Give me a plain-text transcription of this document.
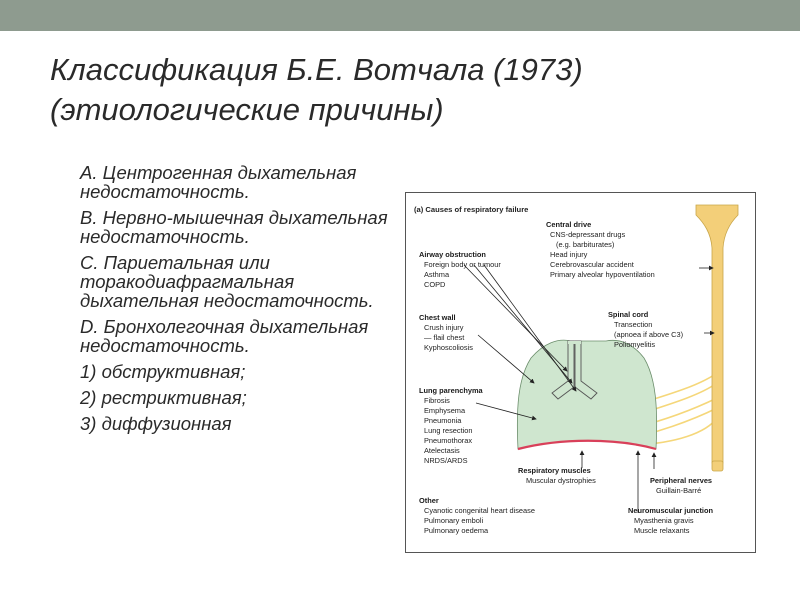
Классификация Б.Е. Вотчала (1973)
(этиологические причины)
A. Центрогенная дыхательная недостаточность.
B. Нервно-мышечная дыхательная недостаточность.
C. Париетальная или торакодиафрагмальная дыхательная недостаточность.
D. Бронхолегочная дыхательная недостаточность.
1) обструктивная;
2) рестриктивная;
3) диффузионная
(a) Causes of respiratory failure
Central drive
CNS-depressant drugs
(e.g. barbiturates)
Head injury
Cerebrovascular accident
Primary alveolar hypoventilation
Airway obstruction
Foreign body or tumour
Asthma
COPD
Chest wall
Crush injury
— flail chest
Kyphoscoliosis
Spinal cord
Transection
(apnoea if above C3)
Poliomyelitis
Lung parenchyma
Fibrosis
Emphysema
Pneumonia
Lung resection
Pneumothorax
Atelectasis
NRDS/ARDS
Respiratory muscles
Muscular dystrophies	Peripheral nerves
Guillain-Barré
Other
Cyanotic congenital heart disease
Pulmonary emboli
Pulmonary oedema
Neuromuscular junction
Myasthenia gravis
Muscle relaxants
